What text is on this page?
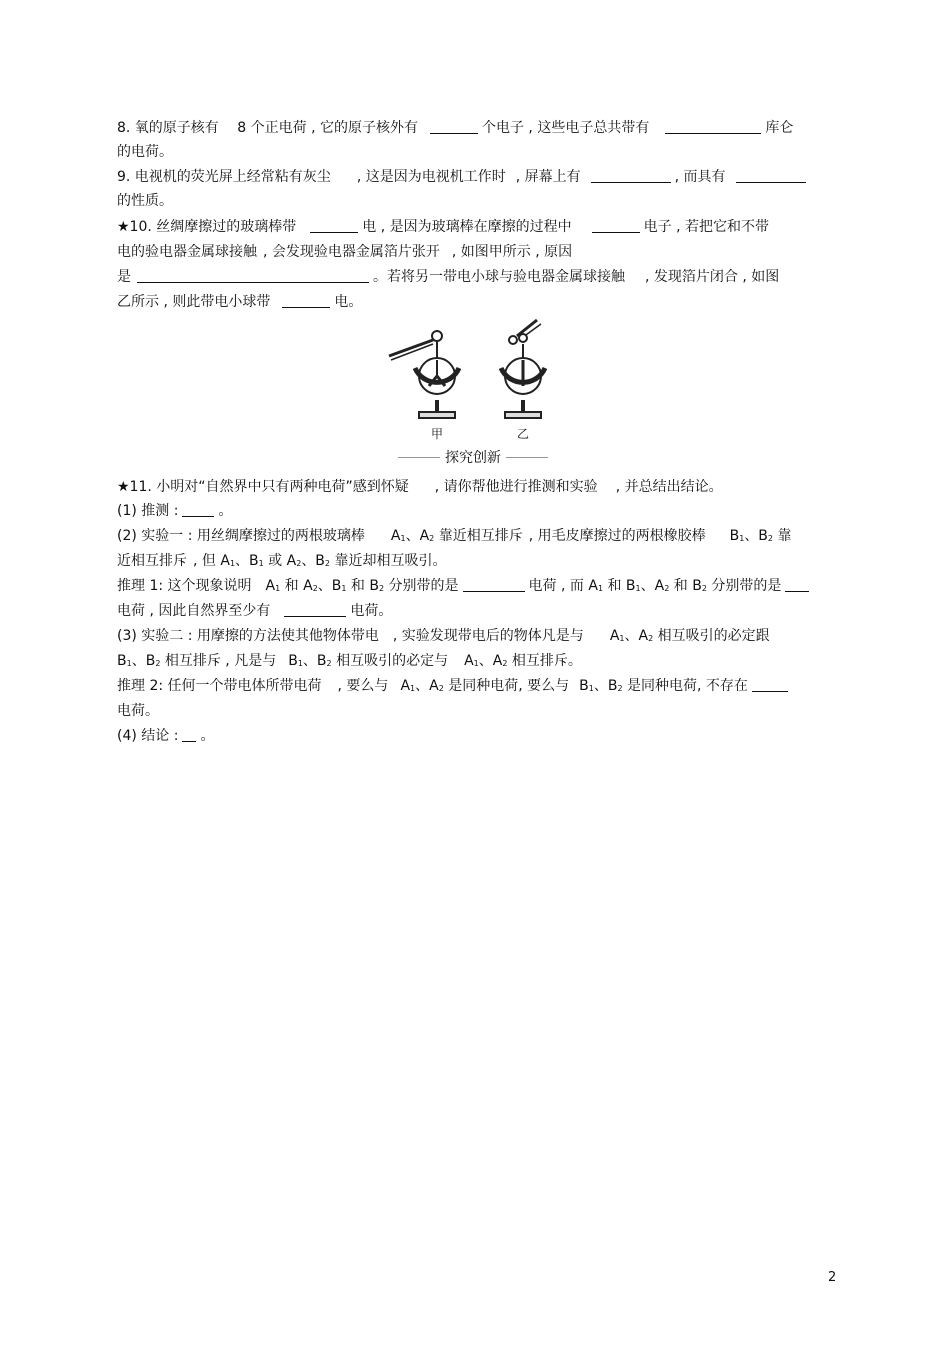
8. 氧的原子核有 8 个正电荷 , 它的原子核外有	个电子 , 这些电子总共带有	库仑
的电荷。
9. 电视机的荧光屏上经常粘有灰尘 , 这是因为电视机工作时 , 屏幕上有	, 而具有
的性质。
★10. 丝绸摩擦过的玻璃棒带	电 , 是因为玻璃棒在摩擦的过程中	电子 , 若把它和不带
电的验电器金属球接触 , 会发现验电器金属箔片张开 , 如图甲所示 , 原因
是	。若将另一带电小球与验电器金属球接触 , 发现箔片闭合 , 如图
乙所示 , 则此带电小球带	电。
甲	乙
探究创新
★11. 小明对“自然界中只有两种电荷”感到怀疑 , 请你帮他进行推测和实验 , 并总结出结论。
(1) 推测 :	。
(2) 实验一 : 用丝绸摩擦过的两根玻璃棒 $A_1$、$A_2$ 靠近相互排斥 , 用毛皮摩擦过的两根橡胶棒 $B_1$、$B_2$ 靠
近相互排斥 , 但 $A_1$、$B_1$ 或 $A_2$、$B_2$ 靠近却相互吸引。
推理 1: 这个现象说明 $A_1$ 和 $A_2$、$B_1$ 和 $B_2$ 分别带的是	电荷 , 而 $A_1$ 和 $B_1$、$A_2$ 和 $B_2$ 分别带的是
电荷 , 因此自然界至少有	电荷。
(3) 实验二 : 用摩擦的方法使其他物体带电 , 实验发现带电后的物体凡是与 $A_1$、$A_2$ 相互吸引的必定跟
$B_1$、$B_2$ 相互排斥 , 凡是与 $B_1$、$B_2$ 相互吸引的必定与 $A_1$、$A_2$ 相互排斥。
推理 2: 任何一个带电体所带电荷 , 要么与 $A_1$、$A_2$ 是同种电荷, 要么与 $B_1$、$B_2$ 是同种电荷, 不存在
电荷。
(4) 结论 : 。
2
